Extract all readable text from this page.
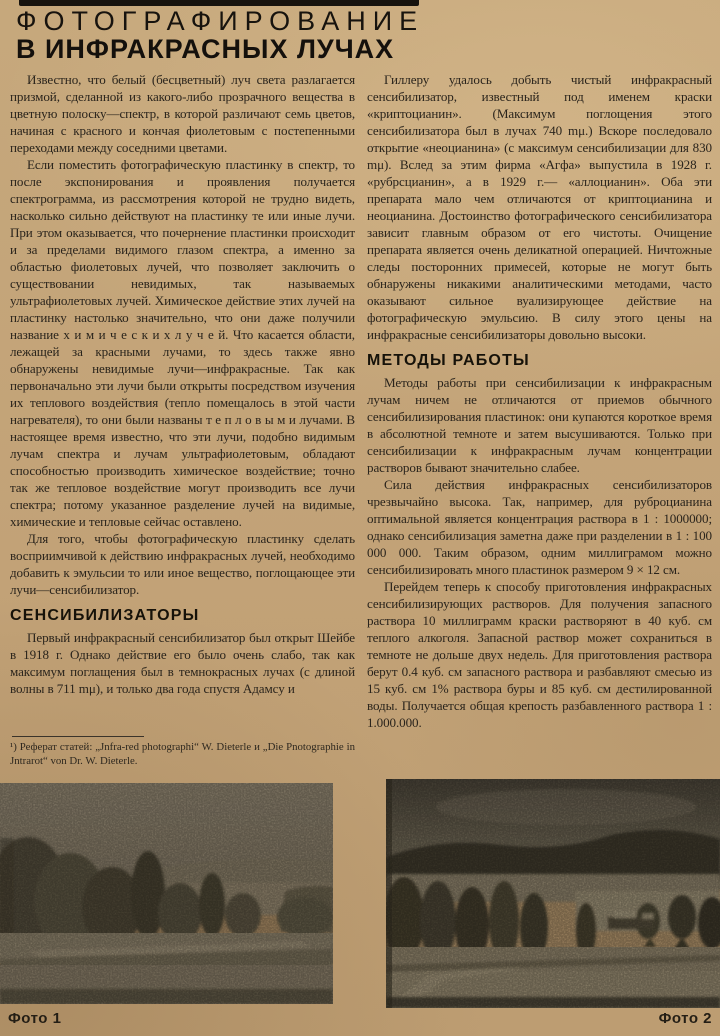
ФОТОГРАФИРОВАНИЕ
В ИНФРАКРАСНЫХ ЛУЧАХ

Известно, что белый (бесцветный) луч света разлагается призмой, сделанной из какого-либо прозрачного вещества в цветную полоску—спектр, в которой различают семь цветов, начиная с красного и кончая фиолетовым с постепенными переходами между соседними цветами.

Если поместить фотографическую пластинку в спектр, то после экспонирования и проявления получается спектрограмма, из рассмотрения которой не трудно видеть, насколько сильно действуют на пластинку те или иные лучи. При этом оказывается, что почернение пластинки происходит и за пределами видимого глазом спектра, а именно за областью фиолетовых лучей, что позволяет заключить о существовании невидимых, так называемых ультрафиолетовых лучей. Химическое действие этих лучей на пластинку настолько значительно, что они даже получили название х и м и ч е с к и х л у ч е й. Что касается области, лежащей за красными лучами, то здесь также явно обнаружены невидимые лучи—инфракрасные. Так как первоначально эти лучи были открыты посредством изучения их теплового воздействия (тепло помещалось в этой части нагревателя), то они были названы т е п л о в ы м и лучами. В настоящее время известно, что эти лучи, подобно видимым лучам спектра и лучам ультрафиолетовым, обладают способностью производить химическое воздействие; точно так же тепловое воздействие могут производить все лучи спектра; потому указанное разделение лучей на видимые, химические и тепловые сейчас оставлено.

Для того, чтобы фотографическую пластинку сделать восприимчивой к действию инфракрасных лучей, необходимо добавить к эмульсии то или иное вещество, поглощающее эти лучи—сенсибилизатор.

СЕНСИБИЛИЗАТОРЫ

Первый инфракрасный сенсибилизатор был открыт Шейбе в 1918 г. Однако действие его было очень слабо, так как максимум поглащения был в темнокрасных лучах (с длиной волны в 711 mμ), и только два года спустя Адамсу и

¹) Реферат статей: „Jnfra-red photographi“ W. Dieterle и „Die Pnotographie in Jntrarot“ von Dr. W. Dieterle.

Гиллеру удалось добыть чистый инфракрасный сенсибилизатор, известный под именем краски «криптоцианин». (Максимум поглощения этого сенсибилизатора был в лучах 740 mμ.) Вскоре последовало открытие «неоцианина» (с максимум сенсибилизации для 830 mμ). Вслед за этим фирма «Агфа» выпустила в 1928 г. «рубрсцианин», а в 1929 г.— «аллоцианин». Оба эти препарата мало чем отличаются от криптоцианина и неоцианина. Достоинство фотографического сенсибилизатора зависит главным образом от его чистоты. Очищение препарата является очень деликатной операцией. Ничтожные следы посторонних примесей, которые не могут быть обнаружены никакими аналитическими методами, часто оказывают сильное вуализирующее действие на фотографическую эмульсию. В силу этого цены на инфракрасные сенсибилизаторы довольно высоки.

МЕТОДЫ РАБОТЫ

Методы работы при сенсибилизации к инфракрасным лучам ничем не отличаются от приемов обычного сенсибилизирования пластинок: они купаются короткое время в абсолютной темноте и затем высушиваются. Только при сенсибилизации к инфракрасным лучам концентрации растворов бывают значительно слабее.

Сила действия инфракрасных сенсибилизаторов чрезвычайно высока. Так, например, для руброцианина оптимальной является концентрация раствора в 1 : 1000000; однако сенсибилизация заметна даже при разделении в 1 : 100 000 000. Таким образом, одним миллиграмом можно сенсибилизировать много пластинок размером 9 × 12 см.

Перейдем теперь к способу приготовления инфракрасных сенсибилизирующих растворов. Для получения запасного раствора 10 миллиграмм краски растворяют в 40 куб. см теплого алкоголя. Запасной раствор может сохраниться в темноте не дольше двух недель. Для приготовления раствора берут 0.4 куб. см запасного раствора и разбавляют смесью из 15 куб. см 1% раствора буры и 85 куб. см дестилированной воды. Получается общая крепость разбавленного раствора 1 : 1.000.000.

Фото 1	Фото 2
